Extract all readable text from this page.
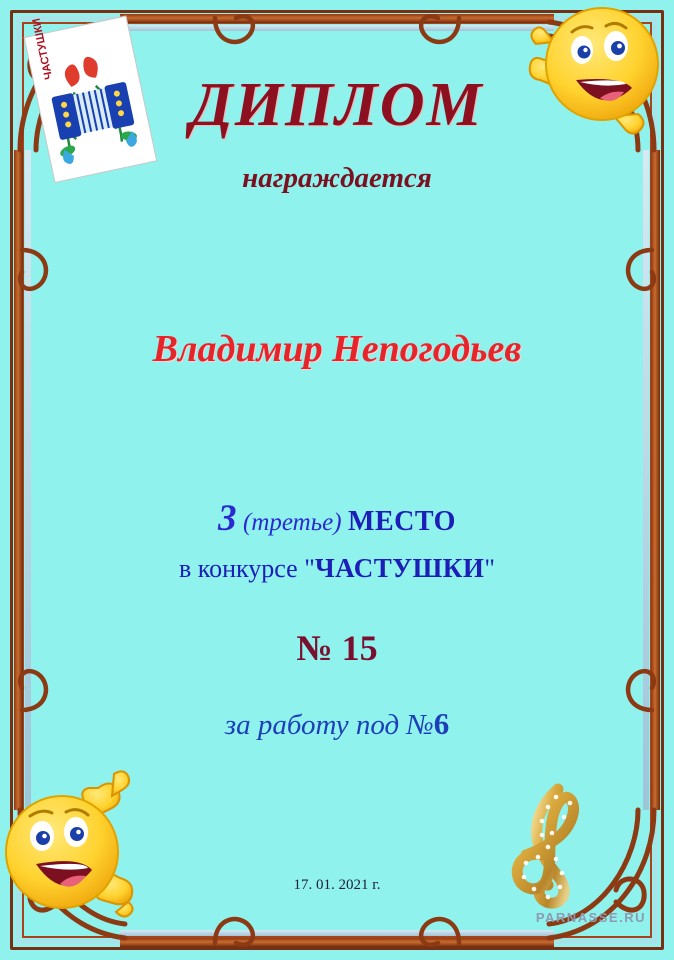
ЧАСТУШКИ
ДИПЛОМ
награждается
Владимир Непогодьев
3 (третье) МЕСТО
в конкурсе "ЧАСТУШКИ"
№ 15
за работу под №6
17. 01. 2021 г.
PARNASSE.RU
